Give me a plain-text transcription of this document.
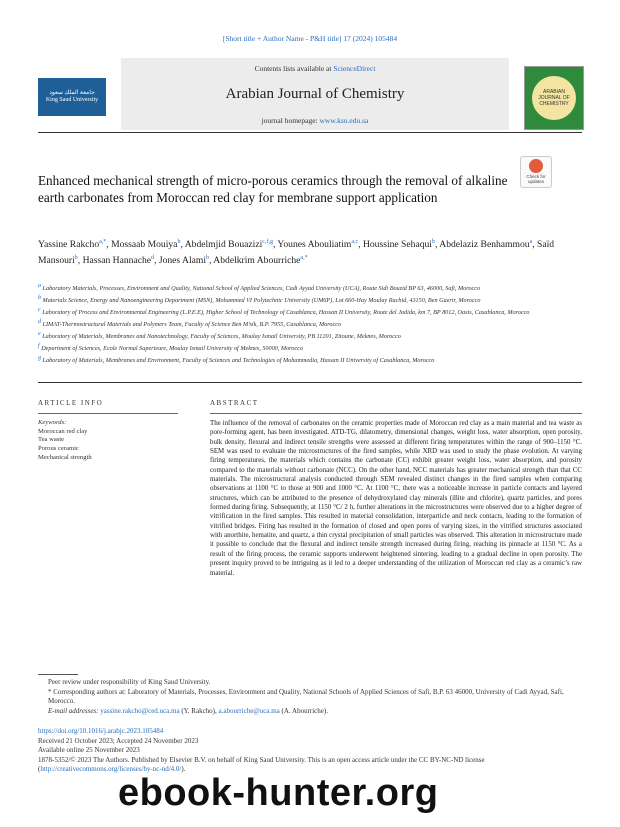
[Short title + Author Name - P&H title] 17 (2024) 105484
جامعة الملك سعود
King Saud University
Contents lists available at ScienceDirect
Arabian Journal of Chemistry
journal homepage: www.ksu.edu.sa
ARABIAN JOURNAL OF CHEMISTRY
Check for updates
Enhanced mechanical strength of micro-porous ceramics through the removal of alkaline earth carbonates from Moroccan red clay for membrane support application
Yassine Rakcho$^{a,*}$, Mossaab Mouiya$^b$, Abdelmjid Bouazizi$^{c,f,g}$, Younes Abouliatim$^{a,c}$, Houssine Sehaqui$^b$, Abdelaziz Benhammou$^a$, Saïd Mansouri$^b$, Hassan Hannache$^d$, Jones Alami$^b$, Abdelkrim Abourriche$^{a,*}$
$^a$ Laboratory Materials, Processes, Environment and Quality, National School of Applied Sciences, Cadi Ayyad University (UCA), Route Sidi Bouzid BP 63, 46000, Safi, Morocco
$^b$ Materials Science, Energy and Nanoengineering Department (MSN), Mohammed VI Polytechnic University (UM6P), Lot 660-Hay Moulay Rachid, 43150, Ben Guerir, Morocco
$^c$ Laboratory of Process and Environmental Engineering (L.P.E.E), Higher School of Technology of Casablanca, Hassan II University, Route del Jadida, km 7, BP 8012, Oasis, Casablanca, Morocco
$^d$ LIMAT-Thermostructural Materials and Polymers Team, Faculty of Science Ben M’sik, B.P. 7955, Casablanca, Morocco
$^e$ Laboratory of Materials, Membranes and Nanotechnology, Faculty of Sciences, Moulay Ismail University, PB 11201, Zitoune, Meknes, Morocco
$^f$ Department of Sciences, Ecole Normal Superieure, Moulay Ismail University of Meknes, 50000, Morocco
$^g$ Laboratory of Materials, Membranes and Environment, Faculty of Sciences and Technologies of Mohammedia, Hassan II University of Casablanca, Morocco
ARTICLE INFO	ABSTRACT
Keywords:
Moroccan red clay
Tea waste
Porous ceramic
Mechanical strength
The influence of the removal of carbonates on the ceramic properties made of Moroccan red clay as a main material and tea waste as pore-forming agent, has been investigated. ATD-TG, dilatometry, dimensional changes, weight loss, water absorption, open porosity, bulk density, flexural and indirect tensile strengths were assessed at different firing temperatures within the range of 900–1150 °C. SEM was used to evaluate the microstructures of the fired samples, while XRD was used to study the phase evolution. At varying firing temperatures, the materials which contains the carbonate (CC) exhibit greater weight loss, water absorption, and porosity compared to the materials without carbonate (NCC). On the other hand, NCC materials has greater mechanical strength than that CC materials. The microstructural analysis conducted through SEM revealed distinct changes in the fired samples when comparing observations at 1100 °C to those at 900 and 1000 °C. At 1100 °C, there was a noticeable increase in particle contacts and layered structures, which can be attributed to the presence of dehydroxylated clay minerals (illite and chlorite), quartz particles, and pores formed during firing. Subsequently, at 1150 °C/ 2 h, further alterations in the microstructures were observed due to a higher degree of vitrification in the fired samples. This resulted in material consolidation, interparticle and neck contacts, leading to the formation of vitrified bridges. Firing has resulted in the formation of closed and open pores of varying sizes, in the vitrified structures associated with anorthite, hematite, and quartz, a thin crystal precipitation of small particles was observed. This alteration in microstructure made it possible to conclude that the flexural and indirect tensile strength increased during firing, reaching its pinnacle at 1150 °C. As a result of the firing process, the ceramic supports underwent heightened sintering, leading to a gradual decline in open porosity. The present inquiry proved to be intriguing as it led to a deeper understanding of the utilization of Moroccan red clay as a ceramic’s raw material.
Peer review under responsibility of King Saud University.
* Corresponding authors at: Laboratory of Materials, Processes, Environment and Quality, National Schools of Applied Sciences of Safi, B.P. 63 46000, University of Cadi Ayyad, Safi, Morocco.
E-mail addresses: yassine.rakcho@ced.uca.ma (Y. Rakcho), a.abourriche@uca.ma (A. Abourriche).
https://doi.org/10.1016/j.arabjc.2023.105484
Received 21 October 2023; Accepted 24 November 2023
Available online 25 November 2023
1878-5352/© 2023 The Authors. Published by Elsevier B.V. on behalf of King Saud University. This is an open access article under the CC BY-NC-ND license (http://creativecommons.org/licenses/by-nc-nd/4.0/).
ebook-hunter.org
